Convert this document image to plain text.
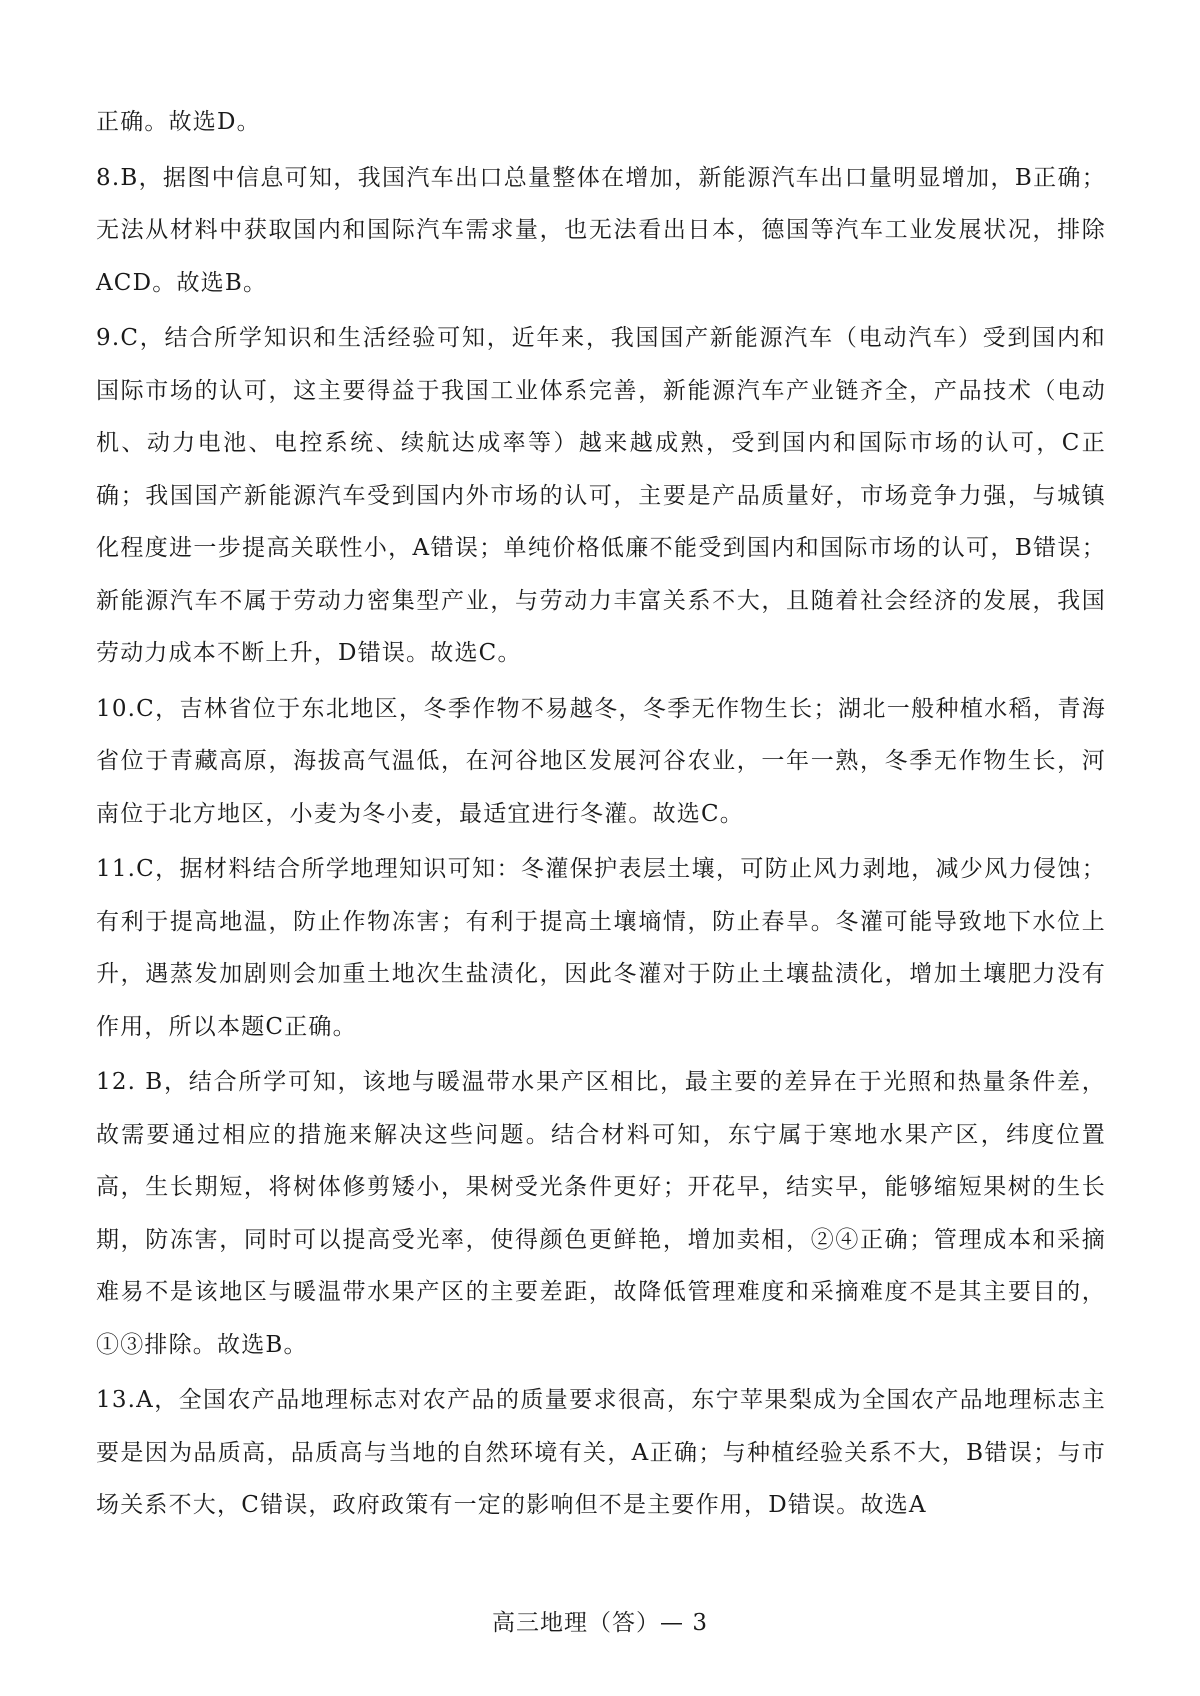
正确。故选D。

8.B，据图中信息可知，我国汽车出口总量整体在增加，新能源汽车出口量明显增加，B正确；无法从材料中获取国内和国际汽车需求量，也无法看出日本，德国等汽车工业发展状况，排除ACD。故选B。

9.C，结合所学知识和生活经验可知，近年来，我国国产新能源汽车（电动汽车）受到国内和国际市场的认可，这主要得益于我国工业体系完善，新能源汽车产业链齐全，产品技术（电动机、动力电池、电控系统、续航达成率等）越来越成熟，受到国内和国际市场的认可，C正确；我国国产新能源汽车受到国内外市场的认可，主要是产品质量好，市场竞争力强，与城镇化程度进一步提高关联性小，A错误；单纯价格低廉不能受到国内和国际市场的认可，B错误；新能源汽车不属于劳动力密集型产业，与劳动力丰富关系不大，且随着社会经济的发展，我国劳动力成本不断上升，D错误。故选C。

10.C，吉林省位于东北地区，冬季作物不易越冬，冬季无作物生长；湖北一般种植水稻，青海省位于青藏高原，海拔高气温低，在河谷地区发展河谷农业，一年一熟，冬季无作物生长，河南位于北方地区，小麦为冬小麦，最适宜进行冬灌。故选C。

11.C，据材料结合所学地理知识可知：冬灌保护表层土壤，可防止风力剥地，减少风力侵蚀；有利于提高地温，防止作物冻害；有利于提高土壤墒情，防止春旱。冬灌可能导致地下水位上升，遇蒸发加剧则会加重土地次生盐渍化，因此冬灌对于防止土壤盐渍化，增加土壤肥力没有作用，所以本题C正确。

12. B，结合所学可知，该地与暖温带水果产区相比，最主要的差异在于光照和热量条件差，故需要通过相应的措施来解决这些问题。结合材料可知，东宁属于寒地水果产区，纬度位置高，生长期短，将树体修剪矮小，果树受光条件更好；开花早，结实早，能够缩短果树的生长期，防冻害，同时可以提高受光率，使得颜色更鲜艳，增加卖相，②④正确；管理成本和采摘难易不是该地区与暖温带水果产区的主要差距，故降低管理难度和采摘难度不是其主要目的，①③排除。故选B。

13.A，全国农产品地理标志对农产品的质量要求很高，东宁苹果梨成为全国农产品地理标志主要是因为品质高，品质高与当地的自然环境有关，A正确；与种植经验关系不大，B错误；与市场关系不大，C错误，政府政策有一定的影响但不是主要作用，D错误。故选A

高三地理（答）— 3
